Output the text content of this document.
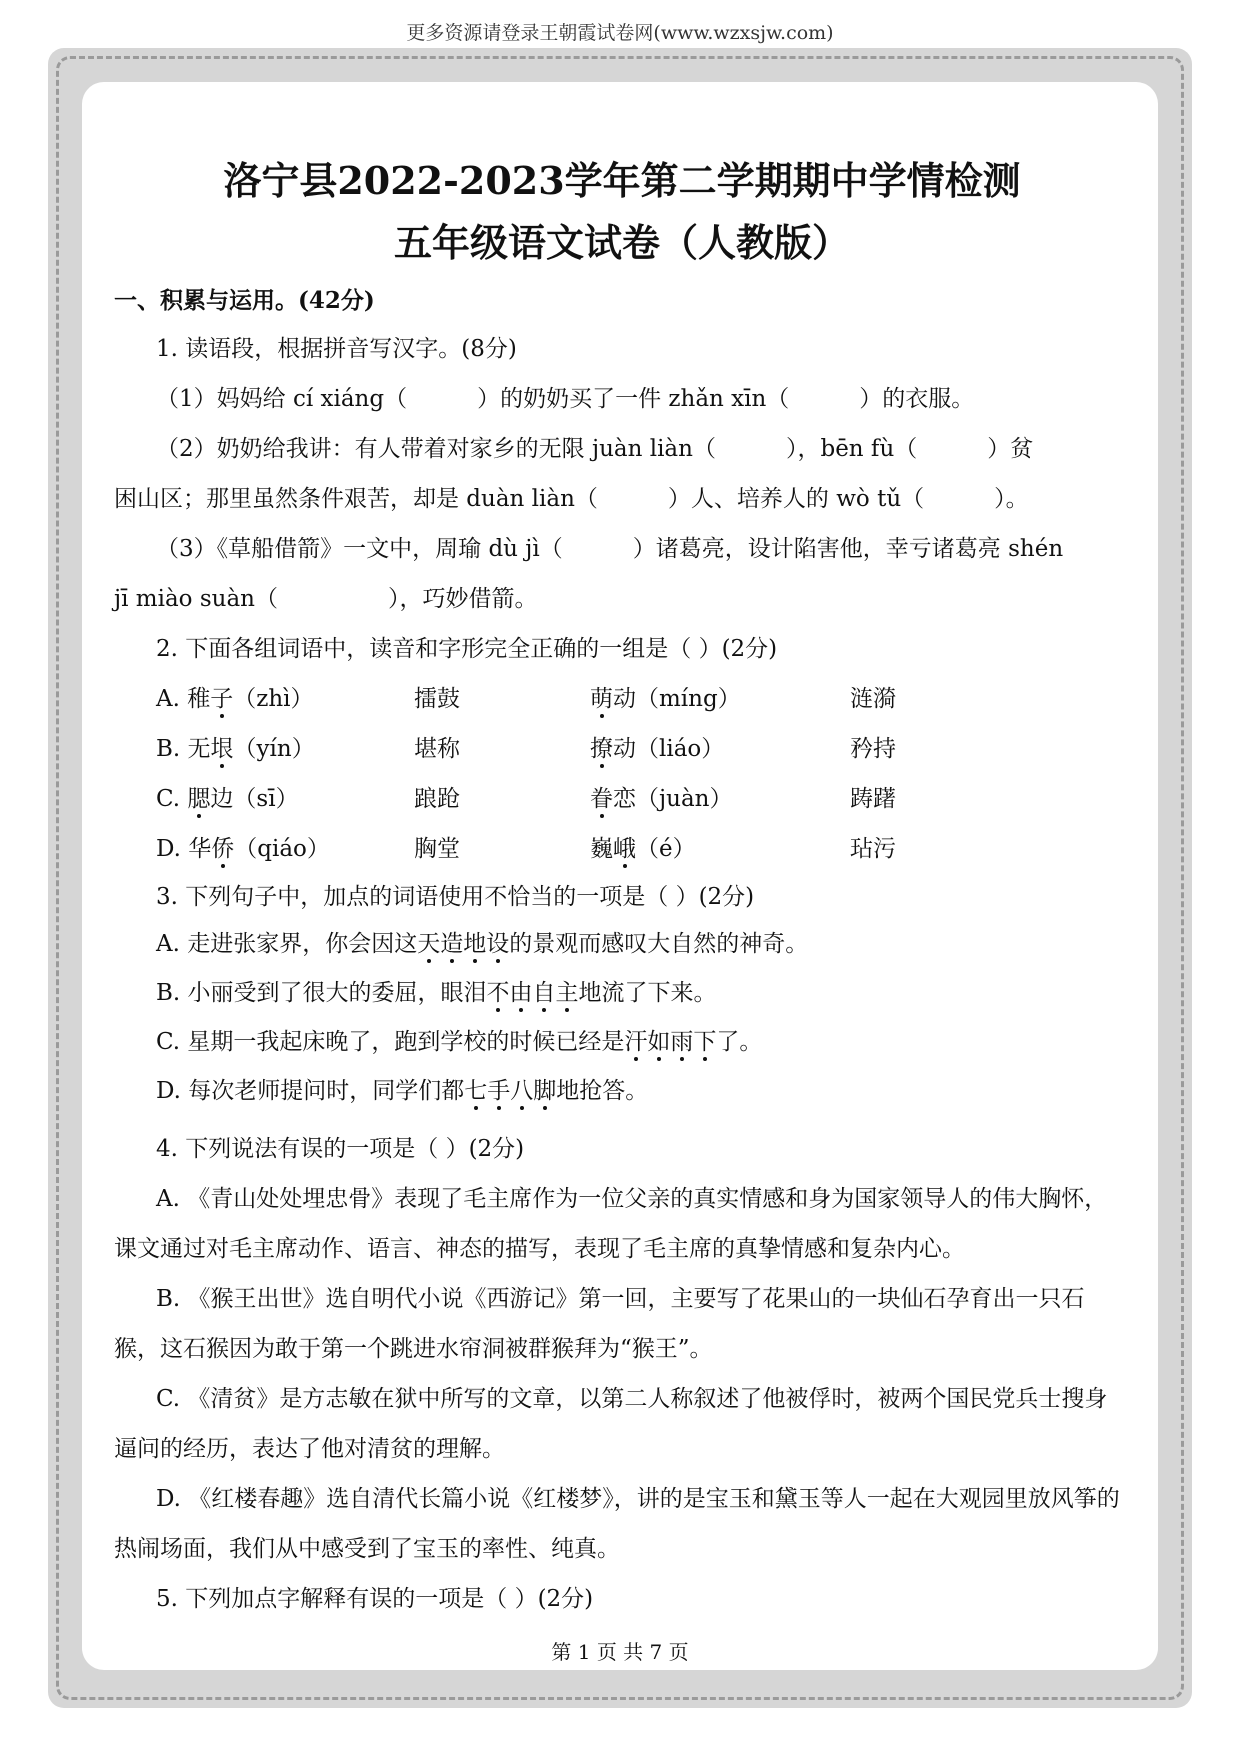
更多资源请登录王朝霞试卷网(www.wzxsjw.com)

洛宁县2022-2023学年第二学期期中学情检测

五年级语文试卷（人教版）

一、积累与运用。(42分)

1. 读语段，根据拼音写汉字。(8分)

（1）妈妈给 cí xiáng（	）的奶奶买了一件 zhǎn xīn（	）的衣服。

（2）奶奶给我讲：有人带着对家乡的无限 juàn liàn（	），bēn fù（	）贫

困山区；那里虽然条件艰苦，却是 duàn liàn（	）人、培养人的 wò tǔ（	）。

（3）《草船借箭》一文中，周瑜 dù jì（	）诸葛亮，设计陷害他，幸亏诸葛亮 shén

jī miào suàn（	），巧妙借箭。

2. 下面各组词语中，读音和字形完全正确的一组是（ ）(2分)

A. 稚子（zhì）	擂鼓	萌动（míng）	涟漪
B. 无垠（yín）	堪称	撩动（liáo）	矜持
C. 腮边（sī）	踉跄	眷恋（juàn）	踌躇
D. 华侨（qiáo）	胸堂	巍峨（é）	玷污

3. 下列句子中，加点的词语使用不恰当的一项是（ ）(2分)

A. 走进张家界，你会因这天造地设的景观而感叹大自然的神奇。

B. 小丽受到了很大的委屈，眼泪不由自主地流了下来。

C. 星期一我起床晚了，跑到学校的时候已经是汗如雨下了。

D. 每次老师提问时，同学们都七手八脚地抢答。

4. 下列说法有误的一项是（ ）(2分)

A. 《青山处处埋忠骨》表现了毛主席作为一位父亲的真实情感和身为国家领导人的伟大胸怀，课文通过对毛主席动作、语言、神态的描写，表现了毛主席的真挚情感和复杂内心。

B. 《猴王出世》选自明代小说《西游记》第一回，主要写了花果山的一块仙石孕育出一只石猴，这石猴因为敢于第一个跳进水帘洞被群猴拜为“猴王”。

C. 《清贫》是方志敏在狱中所写的文章，以第二人称叙述了他被俘时，被两个国民党兵士搜身逼问的经历，表达了他对清贫的理解。

D. 《红楼春趣》选自清代长篇小说《红楼梦》，讲的是宝玉和黛玉等人一起在大观园里放风筝的热闹场面，我们从中感受到了宝玉的率性、纯真。

5. 下列加点字解释有误的一项是（ ）(2分)

第 1 页 共 7 页
